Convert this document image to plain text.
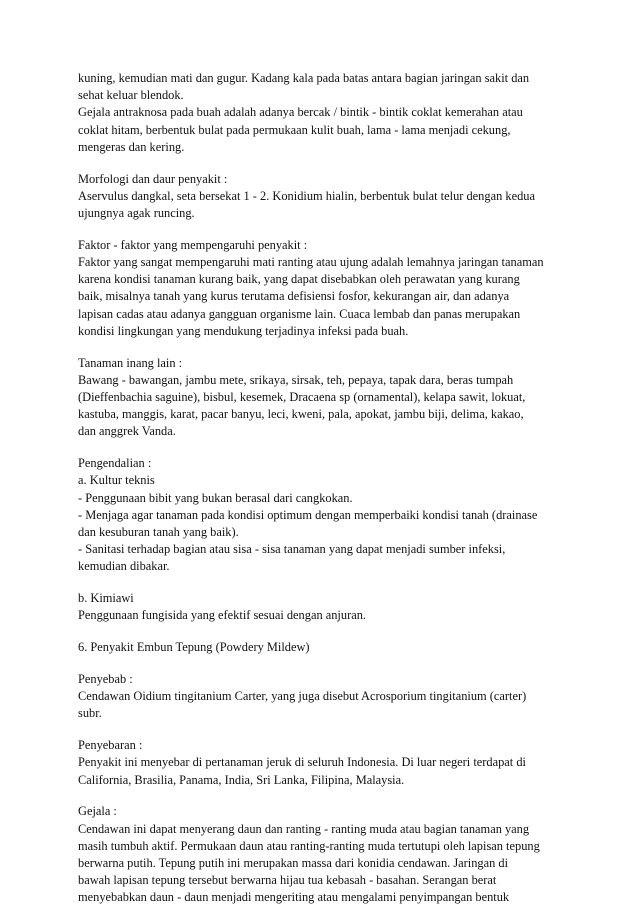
kuning, kemudian mati dan gugur. Kadang kala pada batas antara bagian jaringan sakit dan
sehat keluar blendok.
Gejala antraknosa pada buah adalah adanya bercak / bintik - bintik coklat kemerahan atau
coklat hitam, berbentuk bulat pada permukaan kulit buah, lama - lama menjadi cekung,
mengeras dan kering.
Morfologi dan daur penyakit :
Aservulus dangkal, seta bersekat 1 - 2. Konidium hialin, berbentuk bulat telur dengan kedua
ujungnya agak runcing.
Faktor - faktor yang mempengaruhi penyakit :
Faktor yang sangat mempengaruhi mati ranting atau ujung adalah lemahnya jaringan tanaman
karena kondisi tanaman kurang baik, yang dapat disebabkan oleh perawatan yang kurang
baik, misalnya tanah yang kurus terutama defisiensi fosfor, kekurangan air, dan adanya
lapisan cadas atau adanya gangguan organisme lain. Cuaca lembab dan panas merupakan
kondisi lingkungan yang mendukung terjadinya infeksi pada buah.
Tanaman inang lain :
Bawang - bawangan, jambu mete, srikaya, sirsak, teh, pepaya, tapak dara, beras tumpah
(Dieffenbachia saguine), bisbul, kesemek, Dracaena sp (ornamental), kelapa sawit, lokuat,
kastuba, manggis, karat, pacar banyu, leci, kweni, pala, apokat, jambu biji, delima, kakao,
dan anggrek Vanda.
Pengendalian :
a. Kultur teknis
- Penggunaan bibit yang bukan berasal dari cangkokan.
- Menjaga agar tanaman pada kondisi optimum dengan memperbaiki kondisi tanah (drainase
dan kesuburan tanah yang baik).
- Sanitasi terhadap bagian atau sisa - sisa tanaman yang dapat menjadi sumber infeksi,
kemudian dibakar.
b. Kimiawi
Penggunaan fungisida yang efektif sesuai dengan anjuran.
6. Penyakit Embun Tepung (Powdery Mildew)
Penyebab :
Cendawan Oidium tingitanium Carter, yang juga disebut Acrosporium tingitanium (carter)
subr.
Penyebaran :
Penyakit ini menyebar di pertanaman jeruk di seluruh Indonesia. Di luar negeri terdapat di
California, Brasilia, Panama, India, Sri Lanka, Filipina, Malaysia.
Gejala :
Cendawan ini dapat menyerang daun dan ranting - ranting muda atau bagian tanaman yang
masih tumbuh aktif. Permukaan daun atau ranting-ranting muda tertutupi oleh lapisan tepung
berwarna putih. Tepung putih ini merupakan massa dari konidia cendawan. Jaringan di
bawah lapisan tepung tersebut berwarna hijau tua kebasah - basahan. Serangan berat
menyebabkan daun - daun menjadi mengeriting atau mengalami penyimpangan bentuk
